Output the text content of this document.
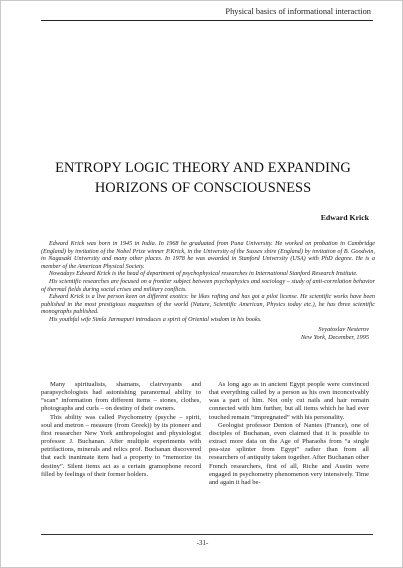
Physical basics of informational interaction
ENTROPY LOGIC THEORY AND EXPANDING
HORIZONS OF CONSCIOUSNESS
Edward Krick

Edward Krick was born in 1945 in India. In 1968 he graduated from Puna University. He worked on probation in Cambridge (England) by invitation of the Nobel Prize winner P.Krick, in the University of the Sussex shire (England) by invitation of B. Goodwin, in Nagasaki University and many other places. In 1978 he was awarded in Stanford University (USA) with PhD degree. He is a member of the American Physical Society.

Nowadays Edward Krick is the head of department of psychophysical researches in International Stanford Research Institute.

His scientific researches are focused on a frontier subject between psychophysics and sociology – study of anti-correlation behavior of thermal fields during social crises and military conflicts.

Edward Krick is a live person keen on different exotics: he likes rafting and has got a pilot license. He scientific works have been published in the most prestigious magazines of the world (Nature, Scientific American, Physics today etc.), he has three scientific monographs published.

His youthful wife Simla Jarmapuri introduces a spirit of Oriental wisdom in his books.

Svyatoslav Nesterov
New York, December, 1995

Many spiritualists, shamans, clairvoyants and parapsychologists had astonishing paranormal ability to “scan” information from different items – stones, clothes, photographs and curls – on destiny of their owners.

This ability was called Psychometry (psyche – spirit, soul and metron – measure (from Greek)) by its pioneer and first researcher New York anthropologist and physiologist professor J. Buchanan. After multiple experiments with petrifactions, minerals and relics prof. Buchanan discovered that each inanimate item had a property to “memorize its destiny”. Silent items act as a certain gramophone record filled by feelings of their former holders.

As long ago as in ancient Egypt people were convinced that everything called by a person as his own inconceivably was a part of him. Not only cut nails and hair remain connected with him further, but all items which he had ever touched remain “impregnated” with his personality.

Geologist professor Denton of Nantes (France), one of disciples of Buchanan, even claimed that it is possible to extract more data on the Age of Pharaohs from “a single pea-size splinter from Egypt” rather than from all researchers of antiquity taken together. After Buchanan other French researchers, first of all, Riche and Austin were engaged in psychometry phenomenon very intensively. Time and again it had be-

-31-
